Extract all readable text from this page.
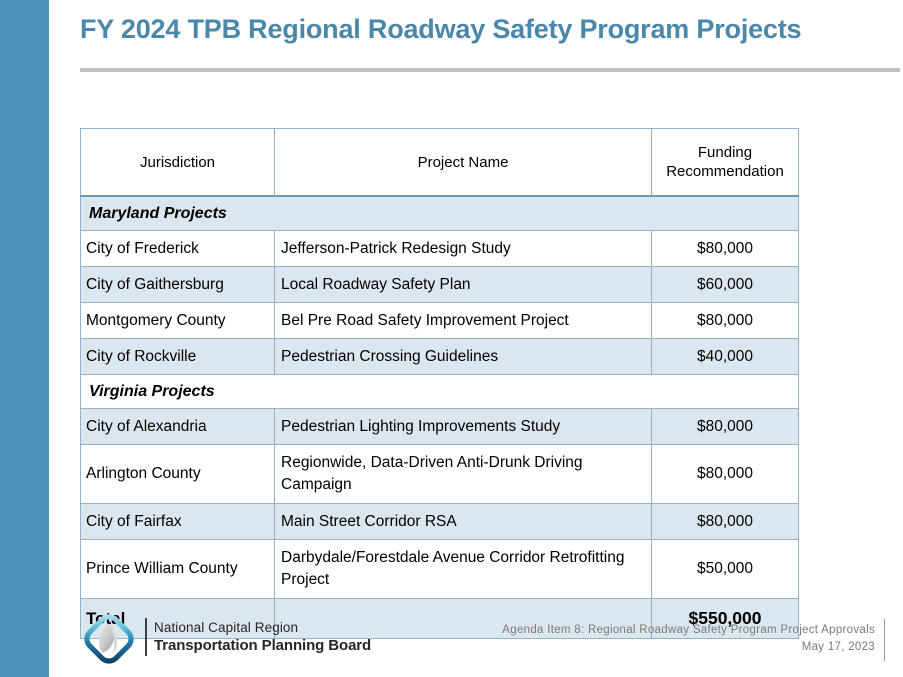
FY 2024 TPB Regional Roadway Safety Program Projects
Jurisdiction	Project Name	Funding
Recommendation

Maryland Projects		
City of Frederick	Jefferson-Patrick Redesign Study	$80,000
City of Gaithersburg	Local Roadway Safety Plan	$60,000
Montgomery County	Bel Pre Road Safety Improvement Project	$80,000
City of Rockville	Pedestrian Crossing Guidelines	$40,000
Virginia Projects		
City of Alexandria	Pedestrian Lighting Improvements Study	$80,000
Arlington County	Regionwide, Data-Driven Anti-Drunk Driving Campaign	$80,000
City of Fairfax	Main Street Corridor RSA	$80,000
Prince William County	Darbydale/Forestdale Avenue Corridor Retrofitting Project	$50,000
Total		$550,000
National Capital Region
Transportation Planning Board
Agenda Item 8: Regional Roadway Safety Program Project Approvals
May 17, 2023
